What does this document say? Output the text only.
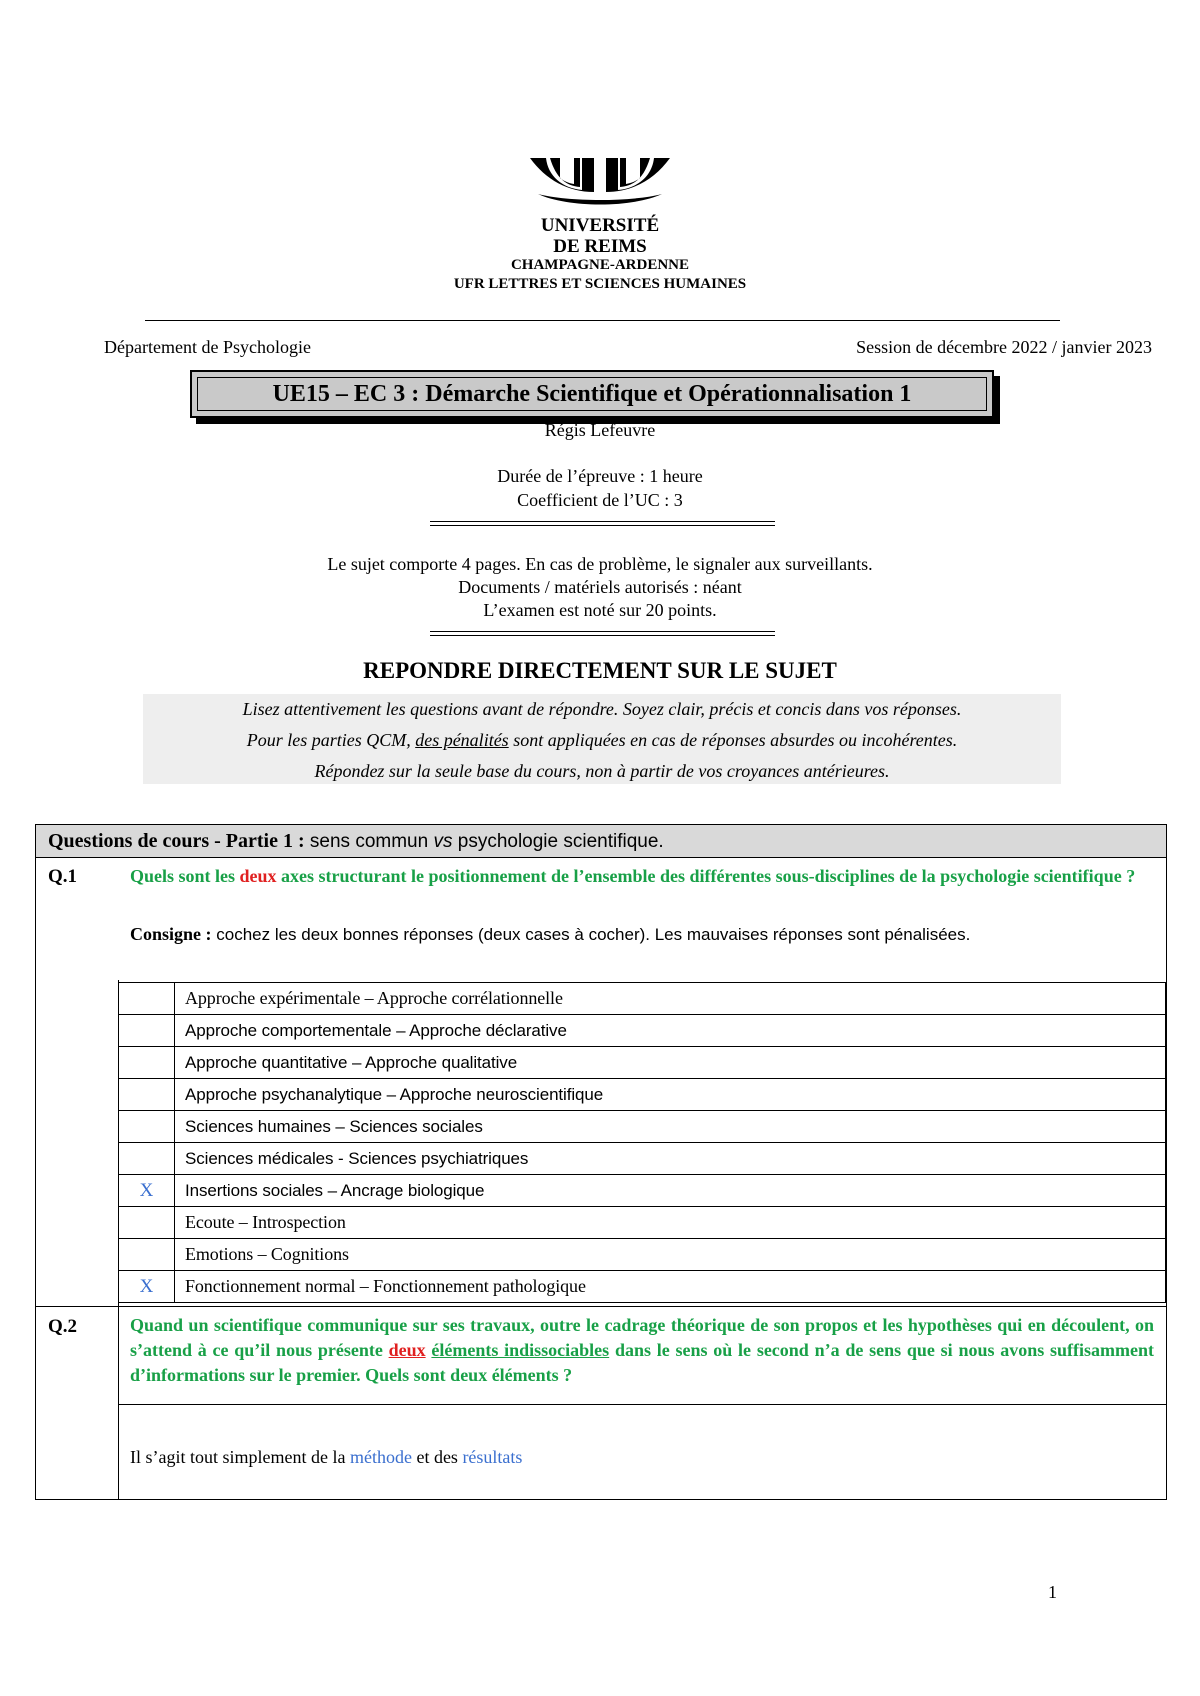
UNIVERSITÉ
DE REIMS
CHAMPAGNE-ARDENNE
UFR LETTRES ET SCIENCES HUMAINES
Département de Psychologie	Session de décembre 2022 / janvier 2023
UE15 – EC 3 : Démarche Scientifique et Opérationnalisation 1
Régis Lefeuvre
Durée de l’épreuve : 1 heure
Coefficient de l’UC : 3
Le sujet comporte 4 pages. En cas de problème, le signaler aux surveillants.
Documents / matériels autorisés : néant
L’examen est noté sur 20 points.
REPONDRE DIRECTEMENT SUR LE SUJET
Lisez attentivement les questions avant de répondre. Soyez clair, précis et concis dans vos réponses.
Pour les parties QCM, des pénalités sont appliquées en cas de réponses absurdes ou incohérentes.
Répondez sur la seule base du cours, non à partir de vos croyances antérieures.
Questions de cours - Partie 1 : sens commun vs psychologie scientifique.
Q.1	Quels sont les deux axes structurant le positionnement de l’ensemble des différentes sous-disciplines de la psychologie scientifique ?
Consigne : cochez les deux bonnes réponses (deux cases à cocher). Les mauvaises réponses sont pénalisées.
	Approche expérimentale – Approche corrélationnelle
	Approche comportementale – Approche déclarative
	Approche quantitative – Approche qualitative
	Approche psychanalytique – Approche neuroscientifique
	Sciences humaines – Sciences sociales
	Sciences médicales - Sciences psychiatriques
X	Insertions sociales – Ancrage biologique
	Ecoute – Introspection
	Emotions – Cognitions
X	Fonctionnement normal – Fonctionnement pathologique
Q.2	Quand un scientifique communique sur ses travaux, outre le cadrage théorique de son propos et les hypothèses qui en découlent, on s’attend à ce qu’il nous présente deux éléments indissociables dans le sens où le second n’a de sens que si nous avons suffisamment d’informations sur le premier. Quels sont deux éléments ?
Il s’agit tout simplement de la méthode et des résultats
1
